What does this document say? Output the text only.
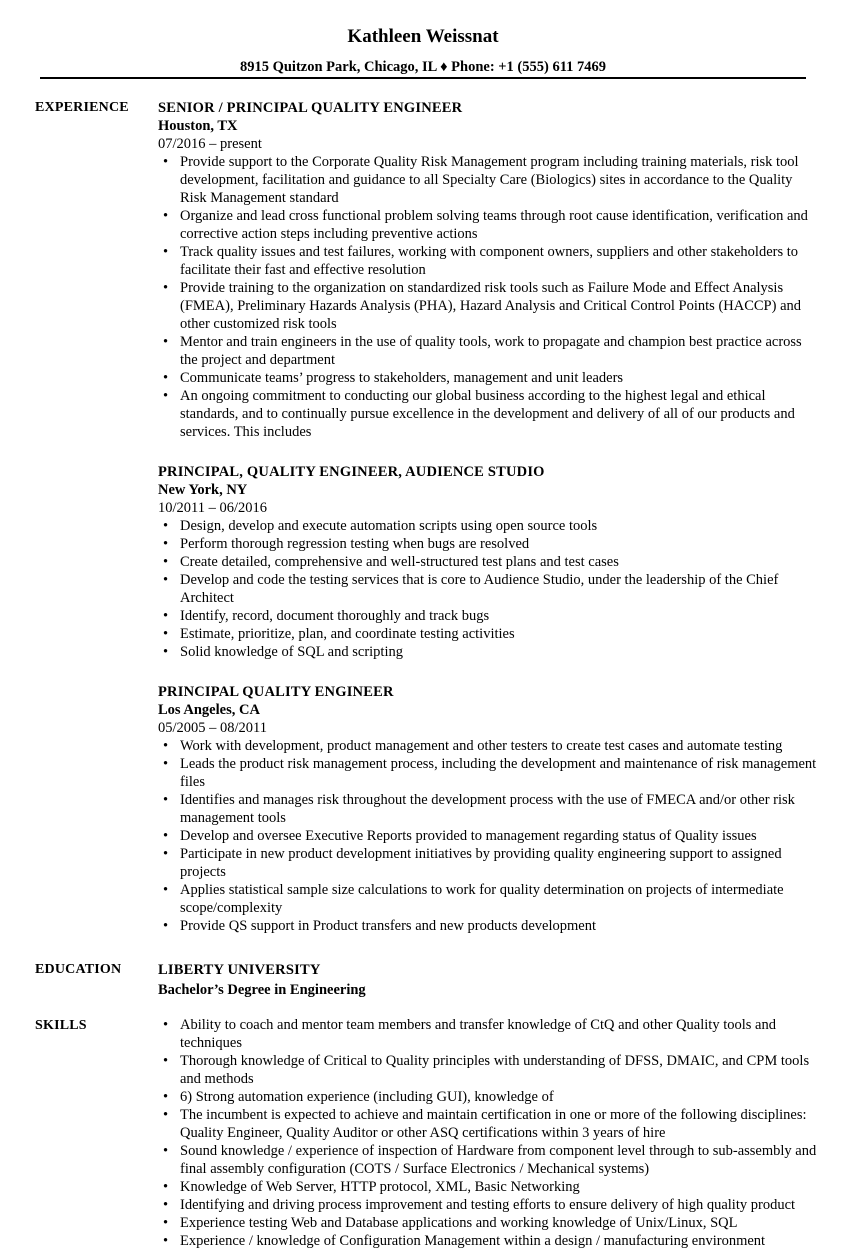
Kathleen Weissnat
8915 Quitzon Park, Chicago, IL ♦ Phone: +1 (555) 611 7469
EXPERIENCE SENIOR / PRINCIPAL QUALITY ENGINEER
Houston, TX
07/2016 – present
• Provide support to the Corporate Quality Risk Management program including training materials, risk tool development, facilitation and guidance to all Specialty Care (Biologics) sites in accordance to the Quality Risk Management standard
• Organize and lead cross functional problem solving teams through root cause identification, verification and corrective action steps including preventive actions
• Track quality issues and test failures, working with component owners, suppliers and other stakeholders to facilitate their fast and effective resolution
• Provide training to the organization on standardized risk tools such as Failure Mode and Effect Analysis (FMEA), Preliminary Hazards Analysis (PHA), Hazard Analysis and Critical Control Points (HACCP) and other customized risk tools
• Mentor and train engineers in the use of quality tools, work to propagate and champion best practice across the project and department
• Communicate teams’ progress to stakeholders, management and unit leaders
• An ongoing commitment to conducting our global business according to the highest legal and ethical standards, and to continually pursue excellence in the development and delivery of all of our products and services. This includes
PRINCIPAL, QUALITY ENGINEER, AUDIENCE STUDIO
New York, NY
10/2011 – 06/2016
• Design, develop and execute automation scripts using open source tools
• Perform thorough regression testing when bugs are resolved
• Create detailed, comprehensive and well-structured test plans and test cases
• Develop and code the testing services that is core to Audience Studio, under the leadership of the Chief Architect
• Identify, record, document thoroughly and track bugs
• Estimate, prioritize, plan, and coordinate testing activities
• Solid knowledge of SQL and scripting
PRINCIPAL QUALITY ENGINEER
Los Angeles, CA
05/2005 – 08/2011
• Work with development, product management and other testers to create test cases and automate testing
• Leads the product risk management process, including the development and maintenance of risk management files
• Identifies and manages risk throughout the development process with the use of FMECA and/or other risk management tools
• Develop and oversee Executive Reports provided to management regarding status of Quality issues
• Participate in new product development initiatives by providing quality engineering support to assigned projects
• Applies statistical sample size calculations to work for quality determination on projects of intermediate scope/complexity
• Provide QS support in Product transfers and new products development
EDUCATION	LIBERTY UNIVERSITY
Bachelor’s Degree in Engineering
SKILLS	• Ability to coach and mentor team members and transfer knowledge of CtQ and other Quality tools and techniques
• Thorough knowledge of Critical to Quality principles with understanding of DFSS, DMAIC, and CPM tools and methods
• 6) Strong automation experience (including GUI), knowledge of
• The incumbent is expected to achieve and maintain certification in one or more of the following disciplines: Quality Engineer, Quality Auditor or other ASQ certifications within 3 years of hire
• Sound knowledge / experience of inspection of Hardware from component level through to sub-assembly and final assembly configuration (COTS / Surface Electronics / Mechanical systems)
• Knowledge of Web Server, HTTP protocol, XML, Basic Networking
• Identifying and driving process improvement and testing efforts to ensure delivery of high quality product
• Experience testing Web and Database applications and working knowledge of Unix/Linux, SQL
• Experience / knowledge of Configuration Management within a design / manufacturing environment
